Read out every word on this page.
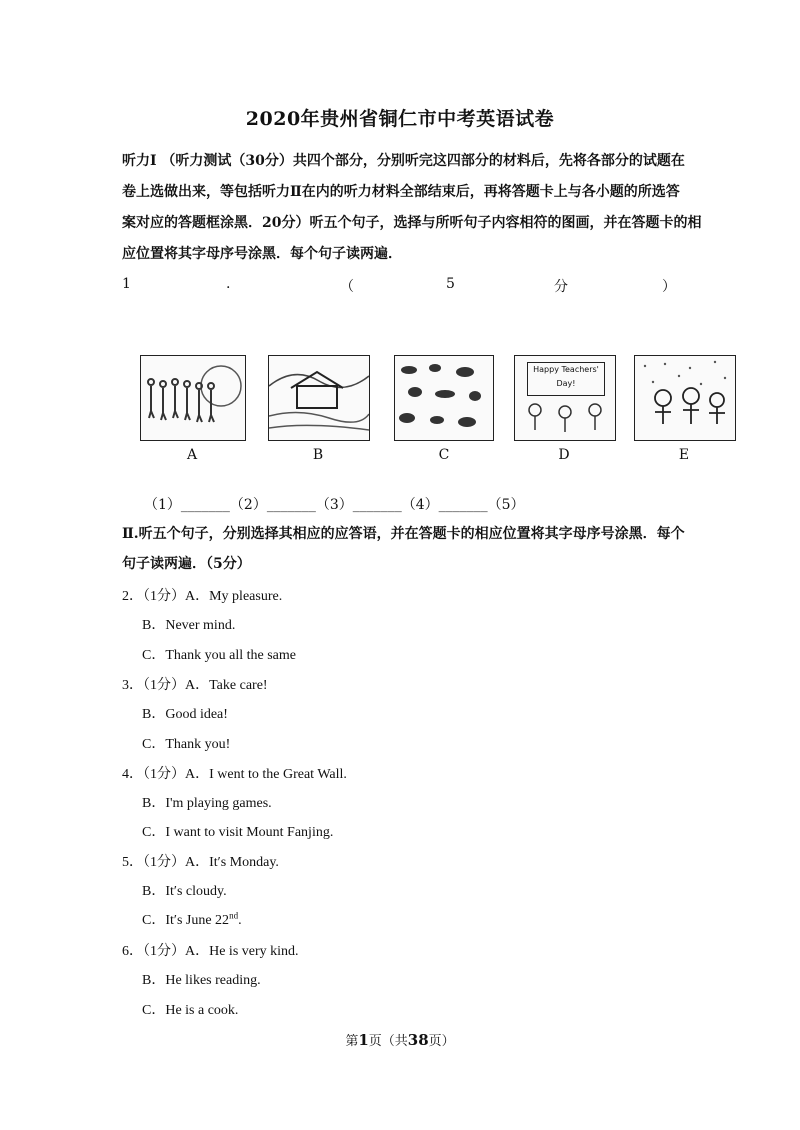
2020年贵州省铜仁市中考英语试卷
听力Ⅰ （听力测试（30分）共四个部分，分别听完这四部分的材料后，先将各部分的试题在
卷上选做出来，等包括听力Ⅱ在内的听力材料全部结束后，再将答题卡上与各小题的所选答
案对应的答题框涂黑．20分）听五个句子，选择与所听句子内容相符的图画，并在答题卡的相
应位置将其字母序号涂黑．每个句子读两遍．
1	.	（	5	分	）
A	B	C
Happy Teachers' Day!
D	E
（1）_______（2）_______（3）_______（4）_______（5）
Ⅱ.听五个句子，分别选择其相应的应答语，并在答题卡的相应位置将其字母序号涂黑．每个
句子读两遍．（5分）
2．（1分）A．My pleasure.
B．Never mind.
C．Thank you all the same
3．（1分）A．Take care!
B．Good idea!
C．Thank you!
4．（1分）A．I went to the Great Wall.
B．I'm playing games.
C．I want to visit Mount Fanjing.
5．（1分）A．It′s Monday.
B．It′s cloudy.
C．It′s June 22nd.
6．（1分）A．He is very kind.
B．He likes reading.
C．He is a cook.
第1页（共38页）
